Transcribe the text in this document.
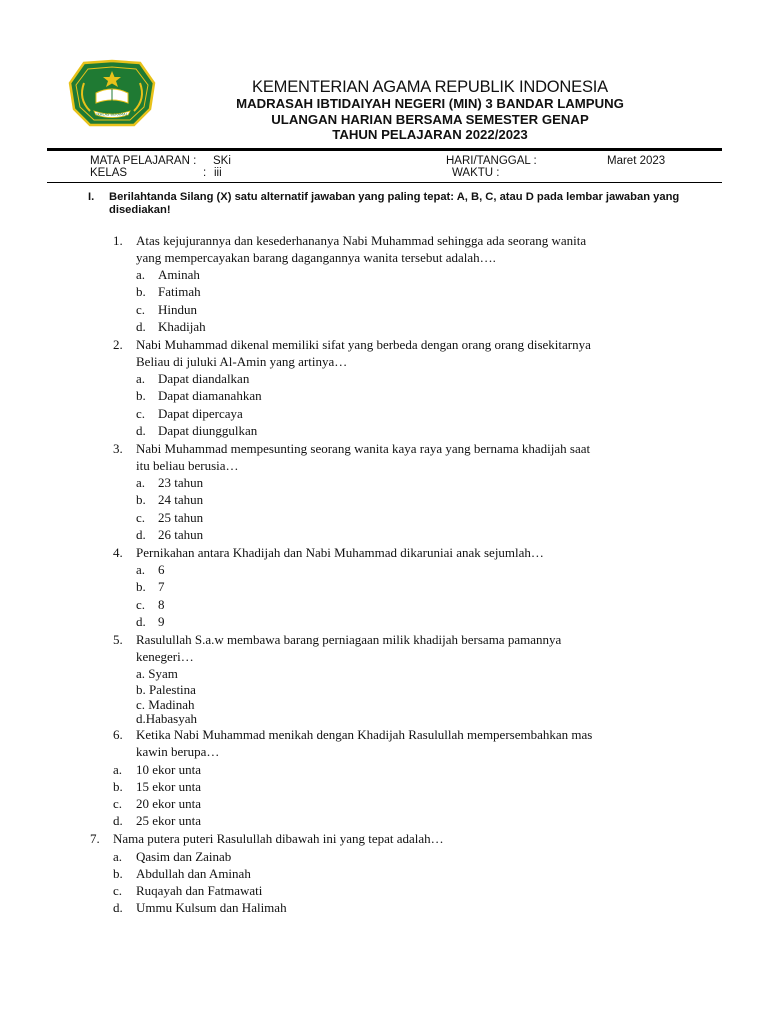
IKHLAS BERAMAL
KEMENTERIAN AGAMA REPUBLIK INDONESIA
MADRASAH IBTIDAIYAH NEGERI (MIN) 3 BANDAR LAMPUNG
ULANGAN HARIAN BERSAMA SEMESTER GENAP
TAHUN PELAJARAN 2022/2023
MATA PELAJARAN : SKi
KELAS	: iii
HARI/TANGGAL :	Maret 2023
WAKTU :
I. Berilahtanda Silang (X) satu alternatif jawaban yang paling tepat: A, B, C, atau D pada lembar jawaban yang disediakan!
1. Atas kejujurannya dan kesederhananya Nabi Muhammad sehingga ada seorang wanita
yang mempercayakan barang dagangannya wanita tersebut adalah….
a. Aminah
b. Fatimah
c. Hindun
d. Khadijah
2. Nabi Muhammad dikenal memiliki sifat yang berbeda dengan orang orang disekitarnya
Beliau di juluki Al-Amin yang artinya…
a. Dapat diandalkan
b. Dapat diamanahkan
c. Dapat dipercaya
d. Dapat diunggulkan
3. Nabi Muhammad mempesunting seorang wanita kaya raya yang bernama khadijah saat
itu beliau berusia…
a. 23 tahun
b. 24 tahun
c. 25 tahun
d. 26 tahun
4. Pernikahan antara Khadijah dan Nabi Muhammad dikaruniai anak sejumlah…
a. 6
b. 7
c. 8
d. 9
5. Rasulullah S.a.w membawa barang perniagaan milik khadijah bersama pamannya
kenegeri…
a. Syam
b. Palestina
c. Madinah
d.Habasyah
6. Ketika Nabi Muhammad menikah dengan Khadijah Rasulullah mempersembahkan mas
kawin berupa…
a. 10 ekor unta
b. 15 ekor unta
c. 20 ekor unta
d. 25 ekor unta
7. Nama putera puteri Rasulullah dibawah ini yang tepat adalah…
a. Qasim dan Zainab
b. Abdullah dan Aminah
c. Ruqayah dan Fatmawati
d. Ummu Kulsum dan Halimah
